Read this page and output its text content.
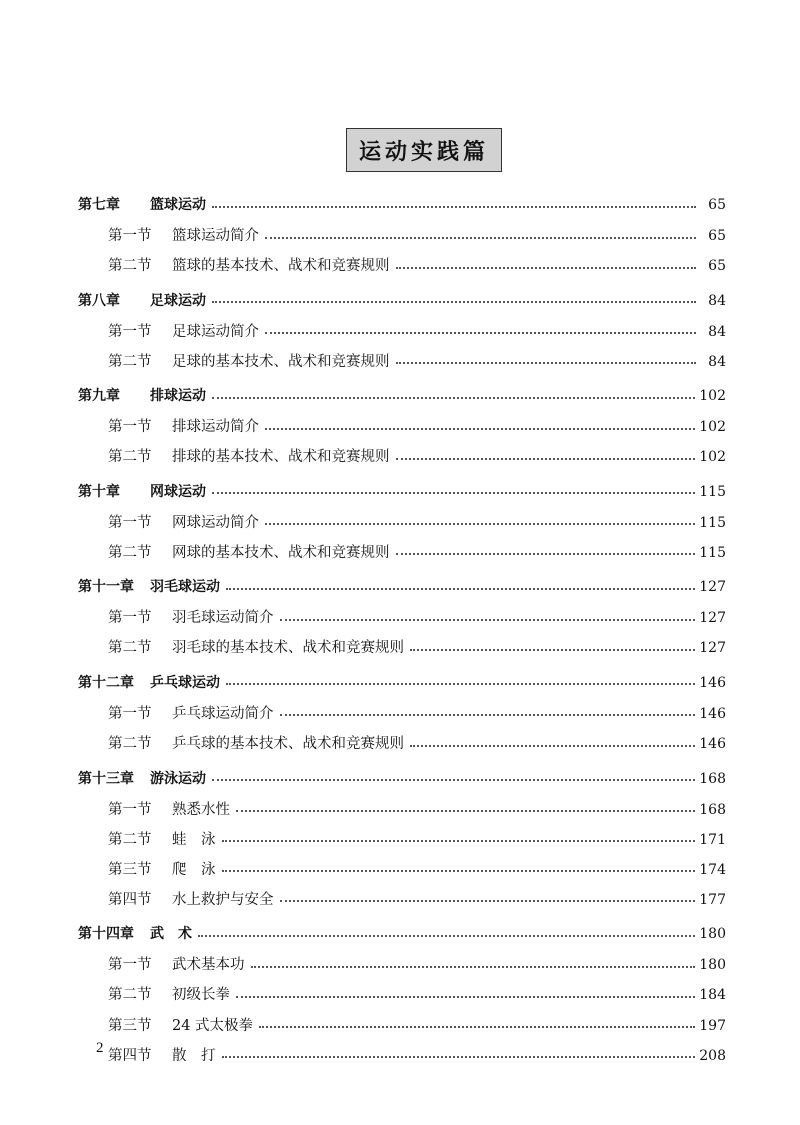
运动实践篇
第七章	篮球运动	65
第一节	篮球运动简介	65
第二节	篮球的基本技术、战术和竞赛规则	65
第八章	足球运动	84
第一节	足球运动简介	84
第二节	足球的基本技术、战术和竞赛规则	84
第九章	排球运动	102
第一节	排球运动简介	102
第二节	排球的基本技术、战术和竞赛规则	102
第十章	网球运动	115
第一节	网球运动简介	115
第二节	网球的基本技术、战术和竞赛规则	115
第十一章	羽毛球运动	127
第一节	羽毛球运动简介	127
第二节	羽毛球的基本技术、战术和竞赛规则	127
第十二章	乒乓球运动	146
第一节	乒乓球运动简介	146
第二节	乒乓球的基本技术、战术和竞赛规则	146
第十三章	游泳运动	168
第一节	熟悉水性	168
第二节	蛙　泳	171
第三节	爬　泳	174
第四节	水上救护与安全	177
第十四章	武　术	180
第一节	武术基本功	180
第二节	初级长拳	184
第三节	24 式太极拳	197
第四节	散　打	208
2
